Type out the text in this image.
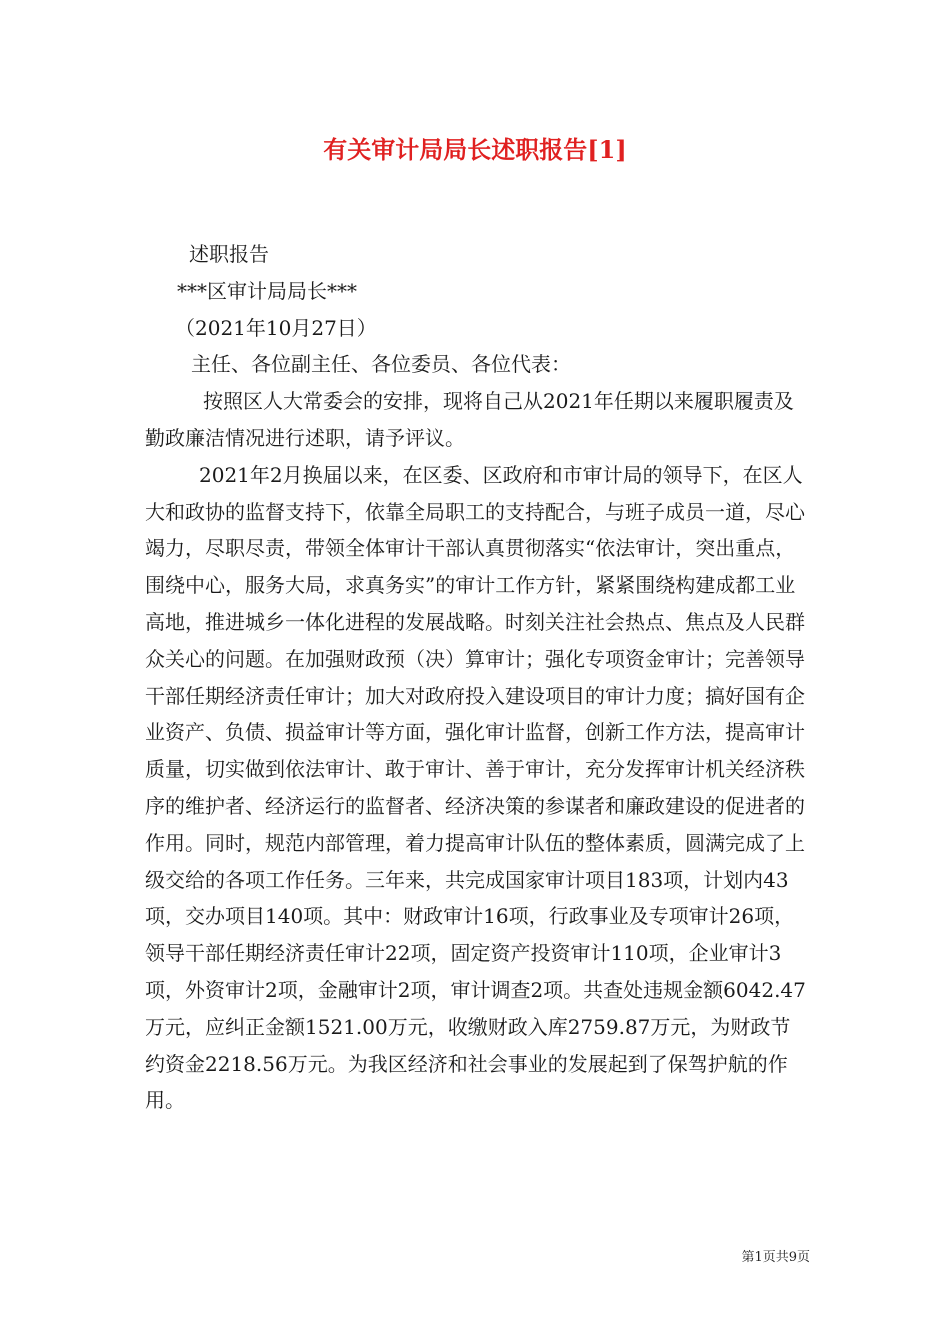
有关审计局局长述职报告[1]

述职报告

***区审计局局长***

（2021年10月27日）

主任、各位副主任、各位委员、各位代表：

按照区人大常委会的安排，现将自己从2021年任期以来履职履责及勤政廉洁情况进行述职，请予评议。

2021年2月换届以来，在区委、区政府和市审计局的领导下，在区人大和政协的监督支持下，依靠全局职工的支持配合，与班子成员一道，尽心竭力，尽职尽责，带领全体审计干部认真贯彻落实“依法审计，突出重点，围绕中心，服务大局，求真务实”的审计工作方针，紧紧围绕构建成都工业高地，推进城乡一体化进程的发展战略。时刻关注社会热点、焦点及人民群众关心的问题。在加强财政预（决）算审计；强化专项资金审计；完善领导干部任期经济责任审计；加大对政府投入建设项目的审计力度；搞好国有企业资产、负债、损益审计等方面，强化审计监督，创新工作方法，提高审计质量，切实做到依法审计、敢于审计、善于审计，充分发挥审计机关经济秩序的维护者、经济运行的监督者、经济决策的参谋者和廉政建设的促进者的作用。同时，规范内部管理，着力提高审计队伍的整体素质，圆满完成了上级交给的各项工作任务。三年来，共完成国家审计项目183项，计划内43项，交办项目140项。其中：财政审计16项，行政事业及专项审计26项，领导干部任期经济责任审计22项，固定资产投资审计110项，企业审计3项，外资审计2项，金融审计2项，审计调查2项。共查处违规金额6042.47万元，应纠正金额1521.00万元，收缴财政入库2759.87万元，为财政节约资金2218.56万元。为我区经济和社会事业的发展起到了保驾护航的作用。

第1页共9页
